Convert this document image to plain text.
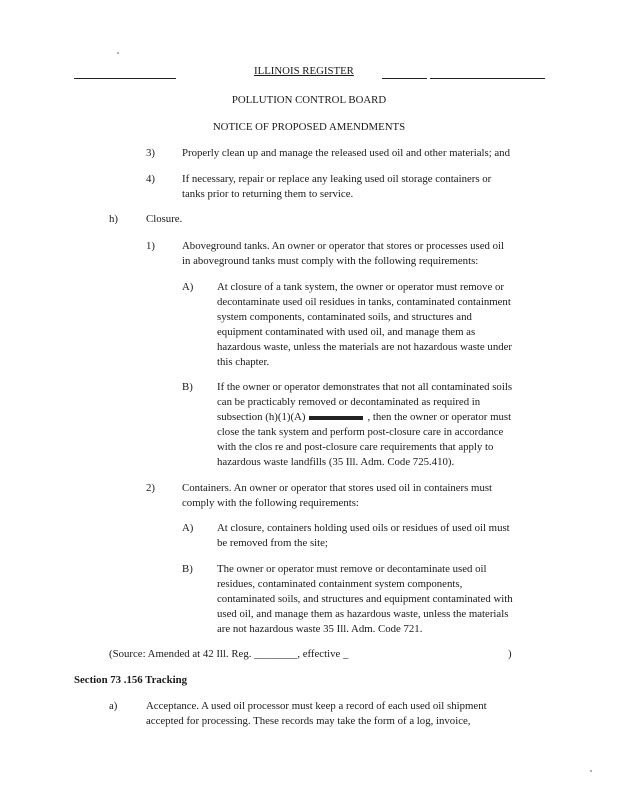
ILLINOIS REGISTER
POLLUTION CONTROL BOARD
NOTICE OF PROPOSED AMENDMENTS
3)	Properly clean up and manage the released used oil and other materials; and
4)	If necessary, repair or replace any leaking used oil storage containers or
tanks prior to returning them to service.
h)	Closure.
1)	Aboveground tanks. An owner or operator that stores or processes used oil
in aboveground tanks must comply with the following requirements:
A) At closure of a tank system, the owner or operator must remove or
decontaminate used oil residues in tanks, contaminated containment
system components, contaminated soils, and structures and
equipment contaminated with used oil, and manage them as
hazardous waste, unless the materials are not hazardous waste under
this chapter.
B) If the owner or operator demonstrates that not all contaminated soils
can be practicably removed or decontaminated as required in
subsection (h)(1)(A)	, then the owner or operator must
close the tank system and perform post-closure care in accordance
with the clos re and post-closure care requirements that apply to
hazardous waste landfills (35 Ill. Adm. Code 725.410).
2)	Containers. An owner or operator that stores used oil in containers must
comply with the following requirements:
A) At closure, containers holding used oils or residues of used oil must
be removed from the site;
B) The owner or operator must remove or decontaminate used oil
residues, contaminated containment system components,
contaminated soils, and structures and equipment contaminated with
used oil, and manage them as hazardous waste, unless the materials
are not hazardous waste 35 Ill. Adm. Code 721.
(Source: Amended at 42 Ill. Reg. ________, effective _	)
Section 73 .156 Tracking
a)	Acceptance. A used oil processor must keep a record of each used oil shipment
accepted for processing. These records may take the form of a log, invoice,
